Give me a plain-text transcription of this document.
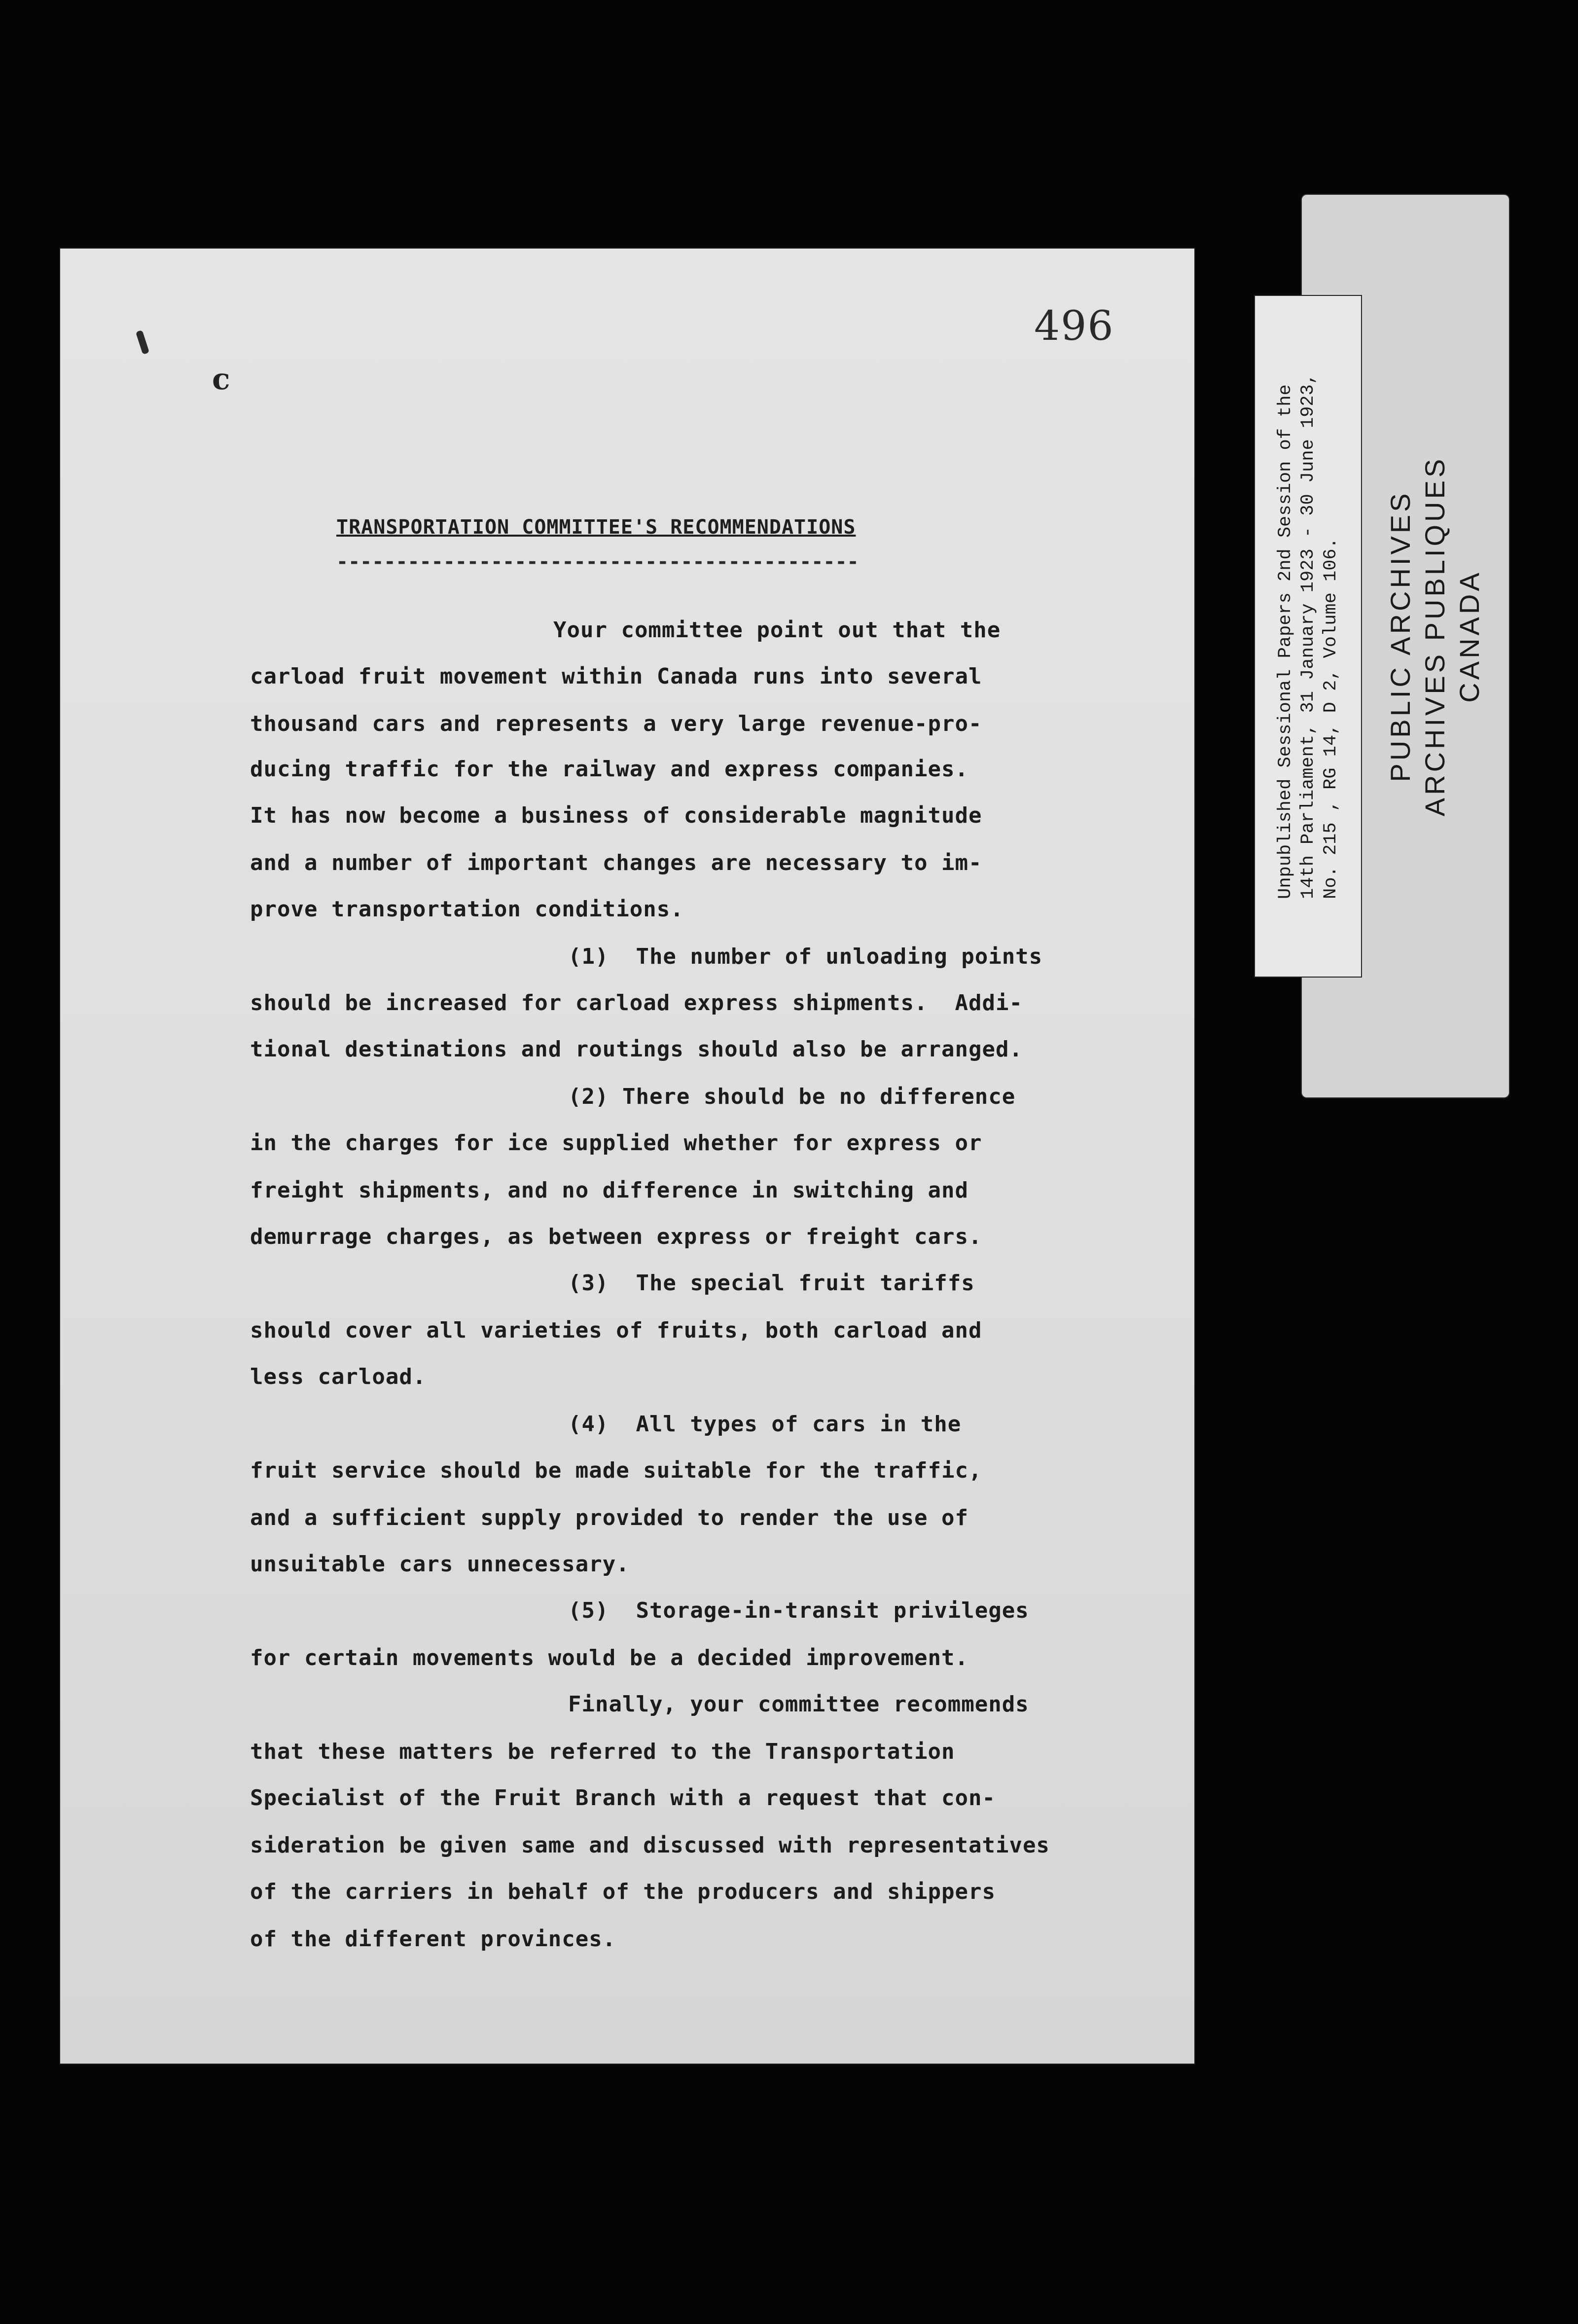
c
496
TRANSPORTATION COMMITTEE'S RECOMMENDATIONS
--------------------------------------------
Your committee point out that the
carload fruit movement within Canada runs into several
thousand cars and represents a very large revenue-pro-
ducing traffic for the railway and express companies.
It has now become a business of considerable magnitude
and a number of important changes are necessary to im-
prove transportation conditions.
(1)  The number of unloading points
should be increased for carload express shipments.  Addi-
tional destinations and routings should also be arranged.
(2) There should be no difference
in the charges for ice supplied whether for express or
freight shipments, and no difference in switching and
demurrage charges, as between express or freight cars.
(3)  The special fruit tariffs
should cover all varieties of fruits, both carload and
less carload.
(4)  All types of cars in the
fruit service should be made suitable for the traffic,
and a sufficient supply provided to render the use of
unsuitable cars unnecessary.
(5)  Storage-in-transit privileges
for certain movements would be a decided improvement.
Finally, your committee recommends
that these matters be referred to the Transportation
Specialist of the Fruit Branch with a request that con-
sideration be given same and discussed with representatives
of the carriers in behalf of the producers and shippers
of the different provinces.
PUBLIC ARCHIVES ARCHIVES PUBLIQUES CANADA
Unpublished Sessional Papers 2nd Session of the 14th Parliament, 31 January 1923 - 30 June 1923, No. 215 , RG 14, D 2, Volume 106.
